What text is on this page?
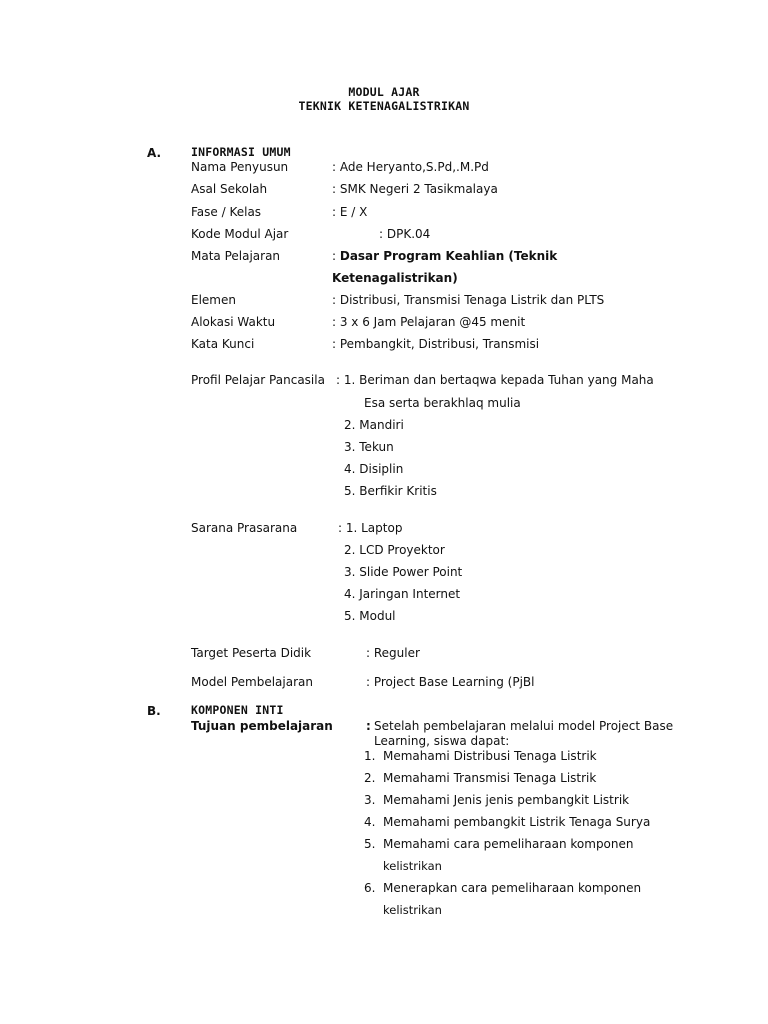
MODUL AJAR
TEKNIK KETENAGALISTRIKAN
A.	INFORMASI UMUM
Nama Penyusun	: Ade Heryanto,S.Pd,.M.Pd
Asal Sekolah	: SMK Negeri 2 Tasikmalaya
Fase / Kelas	: E / X
Kode Modul Ajar	: DPK.04
Mata Pelajaran	: Dasar Program Keahlian (Teknik
Ketenagalistrikan)
Elemen	: Distribusi, Transmisi Tenaga Listrik dan PLTS
Alokasi Waktu	: 3 x 6 Jam Pelajaran @45 menit
Kata Kunci	: Pembangkit, Distribusi, Transmisi
Profil Pelajar Pancasila : 1. Beriman dan bertaqwa kepada Tuhan yang Maha
Esa serta berakhlaq mulia
2. Mandiri
3. Tekun
4. Disiplin
5. Berfikir Kritis
Sarana Prasarana	: 1. Laptop
2. LCD Proyektor
3. Slide Power Point
4. Jaringan Internet
5. Modul
Target Peserta Didik	: Reguler
Model Pembelajaran	: Project Base Learning (PjBl
B.	KOMPONEN INTI
Tujuan pembelajaran	: Setelah pembelajaran melalui model Project Base
Learning, siswa dapat:
1. Memahami Distribusi Tenaga Listrik
2. Memahami Transmisi Tenaga Listrik
3. Memahami Jenis jenis pembangkit Listrik
4. Memahami pembangkit Listrik Tenaga Surya
5. Memahami cara pemeliharaan komponen
kelistrikan
6. Menerapkan cara pemeliharaan komponen
kelistrikan
